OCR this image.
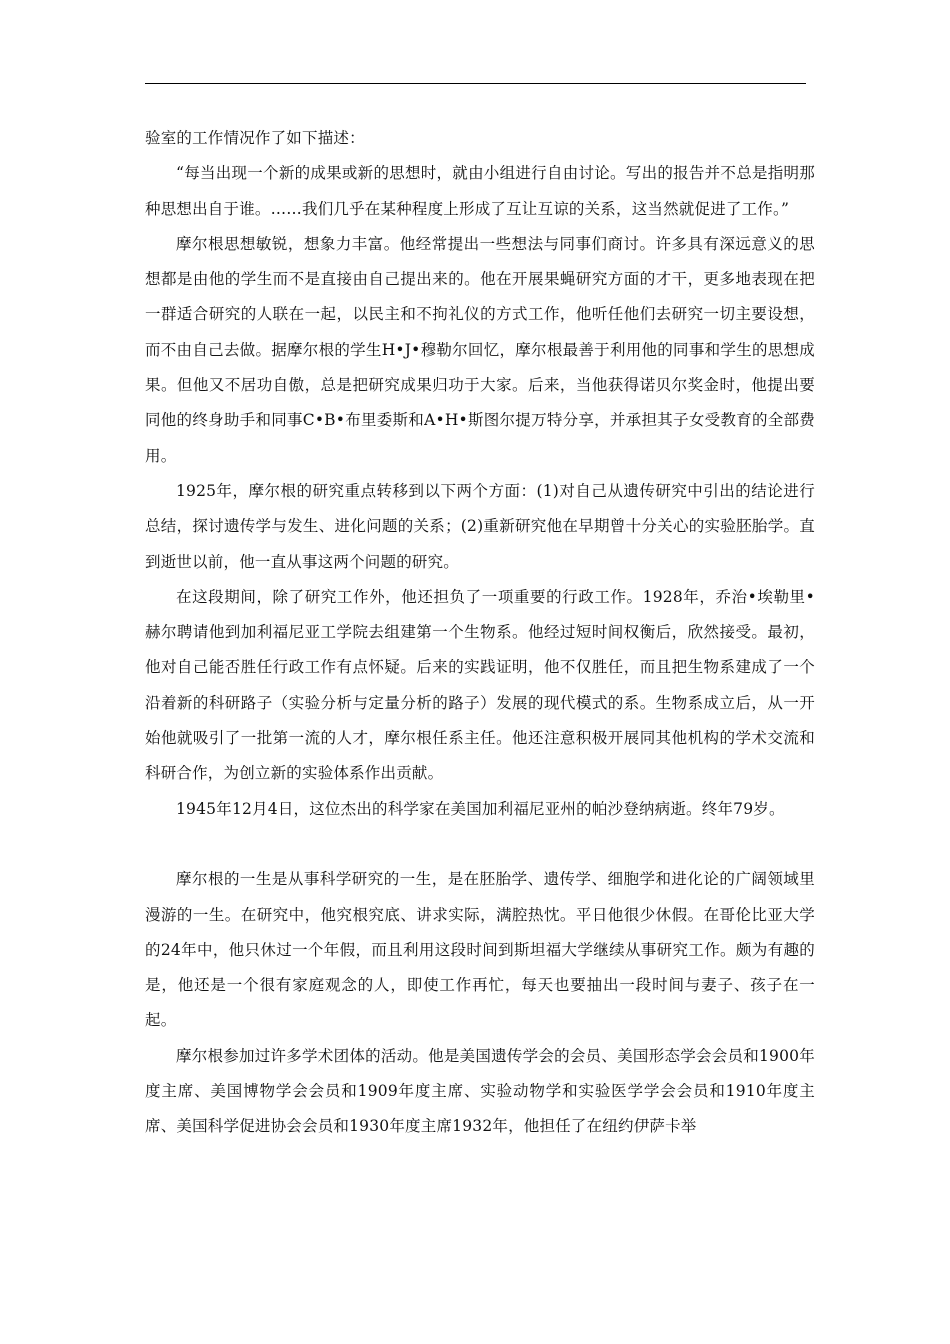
验室的工作情况作了如下描述：

“每当出现一个新的成果或新的思想时，就由小组进行自由讨论。写出的报告并不总是指明那种思想出自于谁。……我们几乎在某种程度上形成了互让互谅的关系，这当然就促进了工作。”

摩尔根思想敏锐，想象力丰富。他经常提出一些想法与同事们商讨。许多具有深远意义的思想都是由他的学生而不是直接由自己提出来的。他在开展果蝇研究方面的才干，更多地表现在把一群适合研究的人联在一起，以民主和不拘礼仪的方式工作，他听任他们去研究一切主要设想，而不由自己去做。据摩尔根的学生H•J•穆勒尔回忆，摩尔根最善于利用他的同事和学生的思想成果。但他又不居功自傲，总是把研究成果归功于大家。后来，当他获得诺贝尔奖金时，他提出要同他的终身助手和同事C•B•布里委斯和A•H•斯图尔提万特分享，并承担其子女受教育的全部费用。

1925年，摩尔根的研究重点转移到以下两个方面：(1)对自己从遗传研究中引出的结论进行总结，探讨遗传学与发生、进化问题的关系；(2)重新研究他在早期曾十分关心的实验胚胎学。直到逝世以前，他一直从事这两个问题的研究。

在这段期间，除了研究工作外，他还担负了一项重要的行政工作。1928年，乔治•埃勒里•赫尔聘请他到加利福尼亚工学院去组建第一个生物系。他经过短时间权衡后，欣然接受。最初，他对自己能否胜任行政工作有点怀疑。后来的实践证明，他不仅胜任，而且把生物系建成了一个沿着新的科研路子（实验分析与定量分析的路子）发展的现代模式的系。生物系成立后，从一开始他就吸引了一批第一流的人才，摩尔根任系主任。他还注意积极开展同其他机构的学术交流和科研合作，为创立新的实验体系作出贡献。

1945年12月4日，这位杰出的科学家在美国加利福尼亚州的帕沙登纳病逝。终年79岁。

摩尔根的一生是从事科学研究的一生，是在胚胎学、遗传学、细胞学和进化论的广阔领域里漫游的一生。在研究中，他究根究底、讲求实际，满腔热忱。平日他很少休假。在哥伦比亚大学的24年中，他只休过一个年假，而且利用这段时间到斯坦福大学继续从事研究工作。颇为有趣的是，他还是一个很有家庭观念的人，即使工作再忙，每天也要抽出一段时间与妻子、孩子在一起。

摩尔根参加过许多学术团体的活动。他是美国遗传学会的会员、美国形态学会会员和1900年度主席、美国博物学会会员和1909年度主席、实验动物学和实验医学学会会员和1910年度主席、美国科学促进协会会员和1930年度主席1932年，他担任了在纽约伊萨卡举
